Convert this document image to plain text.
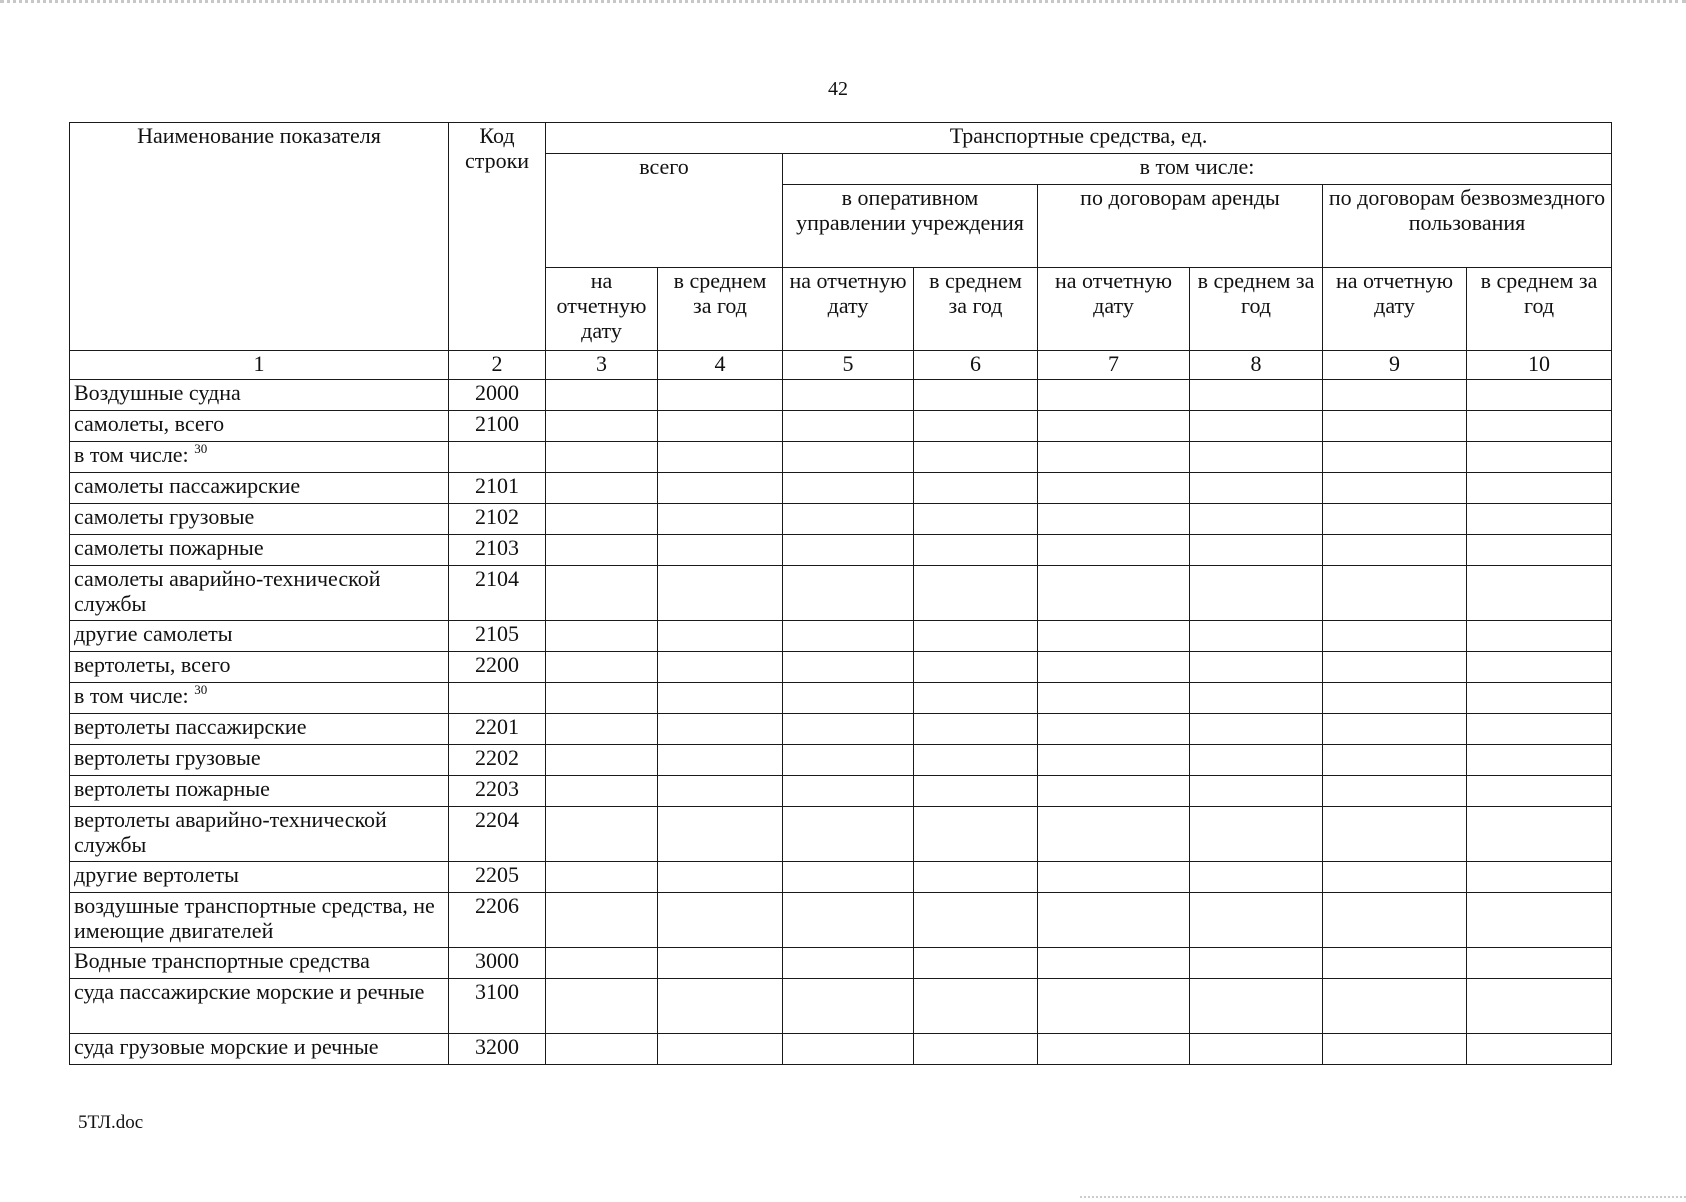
42
Наименование показателя	Код строки	Транспортные средства, ед.							
		всего		в том числе:					
				в оперативном управлении учреждения		по договорам аренды		по договорам безвозмездного пользования	
		на отчетную дату	в среднем за год	на отчетную дату	в среднем за год	на отчетную дату	в среднем за год	на отчетную дату	в среднем за год
1	2	3	4	5	6	7	8	9	10
Воздушные судна	2000								
самолеты, всего	2100								
в том числе: $^{30}$									
самолеты пассажирские	2101								
самолеты грузовые	2102								
самолеты пожарные	2103								
самолеты аварийно-технической службы	2104								
другие самолеты	2105								
вертолеты, всего	2200								
в том числе: $^{30}$									
вертолеты пассажирские	2201								
вертолеты грузовые	2202								
вертолеты пожарные	2203								
вертолеты аварийно-технической службы	2204								
другие вертолеты	2205								
воздушные транспортные средства, не имеющие двигателей	2206								
Водные транспортные средства	3000								
суда пассажирские морские и речные	3100								
суда грузовые морские и речные	3200								
5ТЛ.doc
